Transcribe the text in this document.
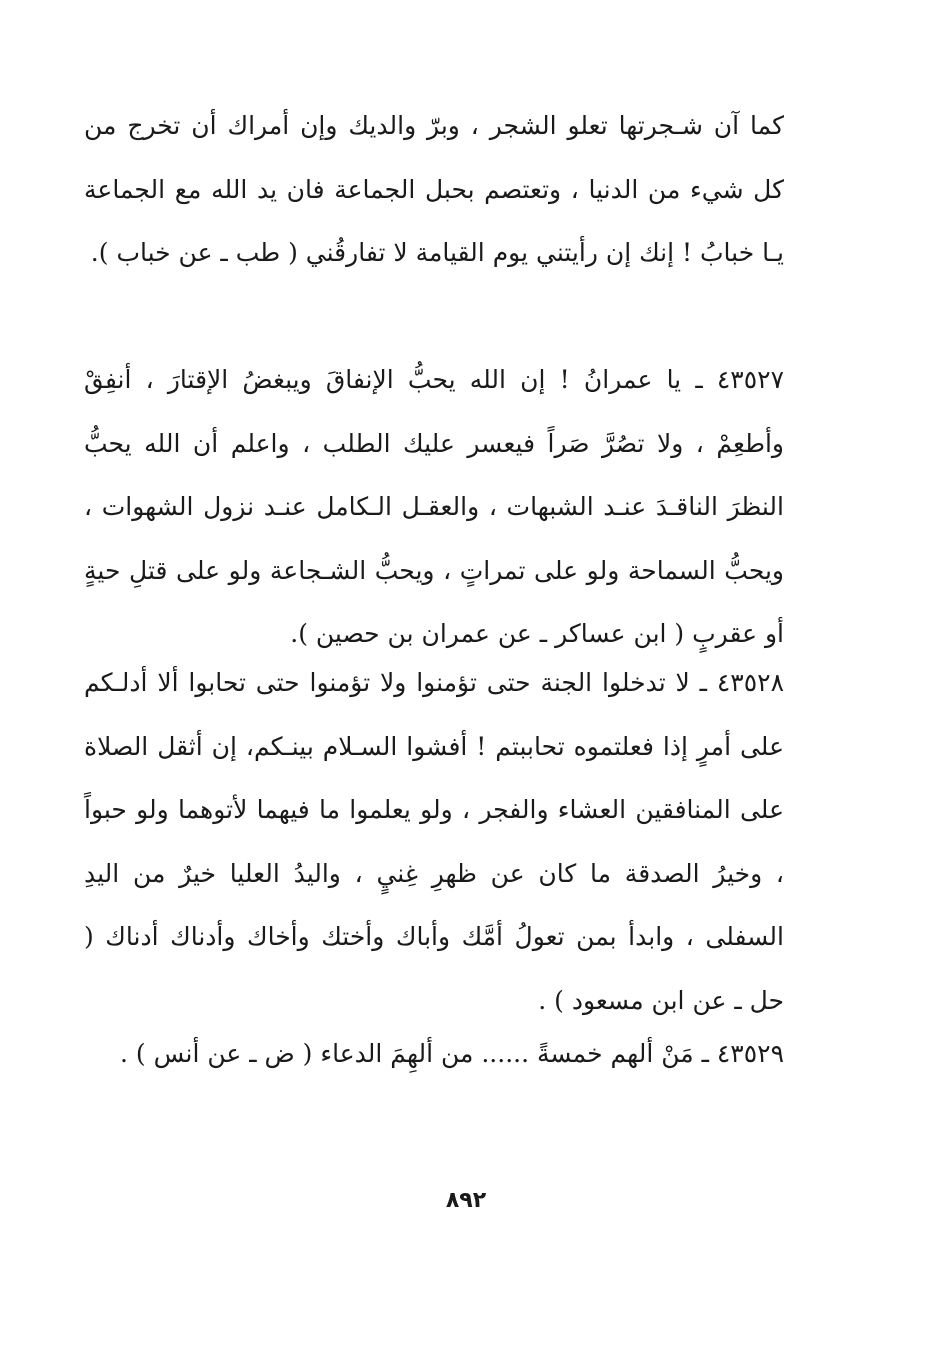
كما آن شـجرتها تعلو الشجر ، وبرّ والديك وإن أمراك أن تخرج من كل شيء من الدنيا ، وتعتصم بحبل الجماعة فان يد الله مع الجماعة يـا خبابُ ! إنك إن رأيتني يوم القيامة لا تفارقُني ( طب ـ عن خباب ).

٤٣٥٢٧ ـ يا عمرانُ ! إن الله يحبُّ الإنفاقَ ويبغضُ الإقتارَ ، أنفِقْ وأطعِمْ ، ولا تصُرَّ صَراً فيعسر عليك الطلب ، واعلم أن الله يحبُّ النظرَ الناقـدَ عنـد الشبهات ، والعقـل الـكامل عنـد نزول الشهوات ، ويحبُّ السماحة ولو على تمراتٍ ، ويحبُّ الشـجاعة ولو على قتلِ حيةٍ أو عقربٍ ( ابن عساكر ـ عن عمران بن حصين ).

٤٣٥٢٨ ـ لا تدخلوا الجنة حتى تؤمنوا ولا تؤمنوا حتى تحابوا ألا أدلـكم على أمرٍ إذا فعلتموه تحاببتم ! أفشوا السـلام بينـكم، إن أثقل الصلاة على المنافقين العشاء والفجر ، ولو يعلموا ما فيهما لأتوهما ولو حبواً ، وخيرُ الصدقة ما كان عن ظهرِ غِنيٍ ، واليدُ العليا خيرٌ من اليدِ السفلى ، وابدأ بمن تعولُ أمَّك وأباك وأختك وأخاك وأدناك أدناك ( حل ـ عن ابن مسعود ) .

٤٣٥٢٩ ـ مَنْ ألهم خمسةً ...... من ألهِمَ الدعاء ( ض ـ عن أنس ) .

٨٩٢
